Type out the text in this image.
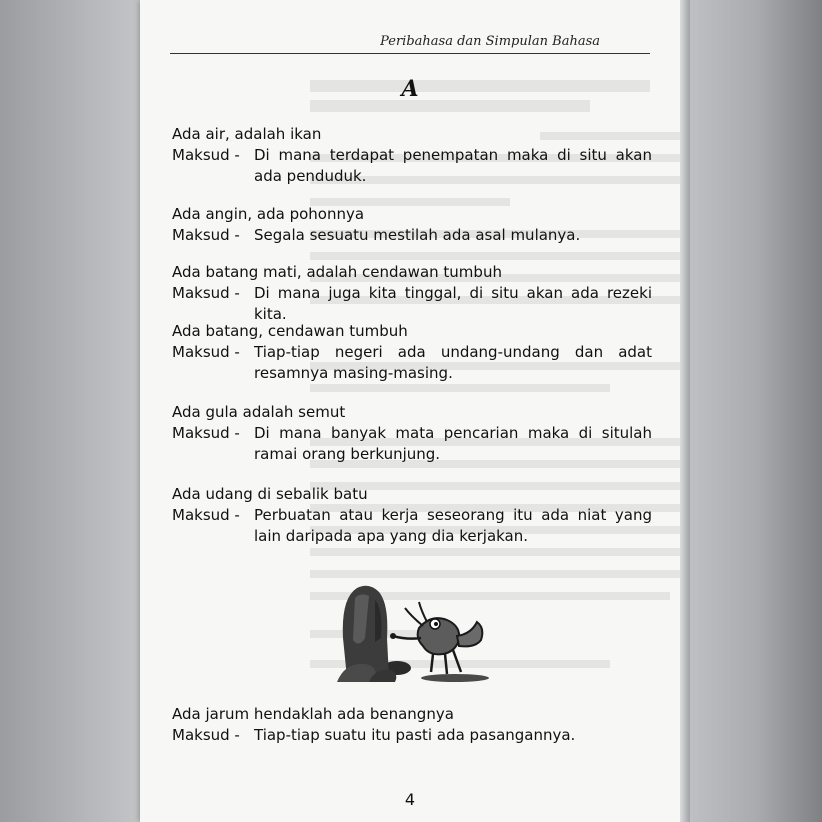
Peribahasa dan Simpulan Bahasa
A
Ada air, adalah ikan
Maksud - Di mana terdapat penempatan maka di situ akan ada penduduk.
Ada angin, ada pohonnya
Maksud - Segala sesuatu mestilah ada asal mulanya.
Ada batang mati, adalah cendawan tumbuh
Maksud - Di mana juga kita tinggal, di situ akan ada rezeki kita.
Ada batang, cendawan tumbuh
Maksud - Tiap-tiap negeri ada undang-undang dan adat resamnya masing-masing.
Ada gula adalah semut
Maksud - Di mana banyak mata pencarian maka di situlah ramai orang berkunjung.
Ada udang di sebalik batu
Maksud - Perbuatan atau kerja seseorang itu ada niat yang lain daripada apa yang dia kerjakan.
Ada jarum hendaklah ada benangnya
Maksud - Tiap-tiap suatu itu pasti ada pasangannya.
4
